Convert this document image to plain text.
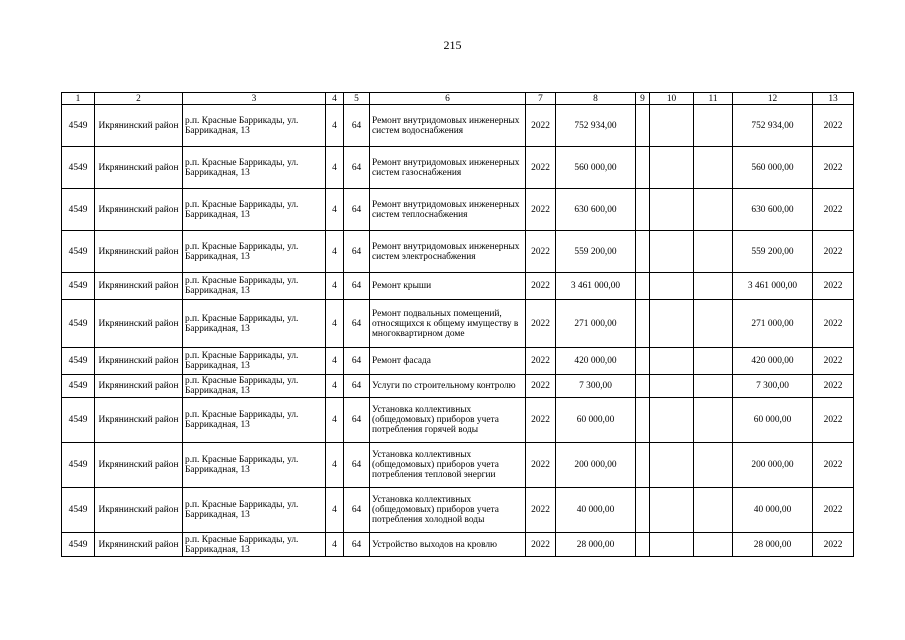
215
1	2	3	4	5	6	7	8	9	10	11	12	13
4549	Икрянинский район	р.п. Красные Баррикады, ул. Баррикадная, 13	4	64	Ремонт внутридомовых инженерных систем водоснабжения	2022	752 934,00				752 934,00	2022
4549	Икрянинский район	р.п. Красные Баррикады, ул. Баррикадная, 13	4	64	Ремонт внутридомовых инженерных систем газоснабжения	2022	560 000,00				560 000,00	2022
4549	Икрянинский район	р.п. Красные Баррикады, ул. Баррикадная, 13	4	64	Ремонт внутридомовых инженерных систем теплоснабжения	2022	630 600,00				630 600,00	2022
4549	Икрянинский район	р.п. Красные Баррикады, ул. Баррикадная, 13	4	64	Ремонт внутридомовых инженерных систем электроснабжения	2022	559 200,00				559 200,00	2022
4549	Икрянинский район	р.п. Красные Баррикады, ул. Баррикадная, 13	4	64	Ремонт крыши	2022	3 461 000,00				3 461 000,00	2022
4549	Икрянинский район	р.п. Красные Баррикады, ул. Баррикадная, 13	4	64	Ремонт подвальных помещений, относящихся к общему имуществу в многоквартирном доме	2022	271 000,00				271 000,00	2022
4549	Икрянинский район	р.п. Красные Баррикады, ул. Баррикадная, 13	4	64	Ремонт фасада	2022	420 000,00				420 000,00	2022
4549	Икрянинский район	р.п. Красные Баррикады, ул. Баррикадная, 13	4	64	Услуги по строительному контролю	2022	7 300,00				7 300,00	2022
4549	Икрянинский район	р.п. Красные Баррикады, ул. Баррикадная, 13	4	64	Установка коллективных (общедомовых) приборов учета потребления горячей воды	2022	60 000,00				60 000,00	2022
4549	Икрянинский район	р.п. Красные Баррикады, ул. Баррикадная, 13	4	64	Установка коллективных (общедомовых) приборов учета потребления тепловой энергии	2022	200 000,00				200 000,00	2022
4549	Икрянинский район	р.п. Красные Баррикады, ул. Баррикадная, 13	4	64	Установка коллективных (общедомовых) приборов учета потребления холодной воды	2022	40 000,00				40 000,00	2022
4549	Икрянинский район	р.п. Красные Баррикады, ул. Баррикадная, 13	4	64	Устройство выходов на кровлю	2022	28 000,00				28 000,00	2022
